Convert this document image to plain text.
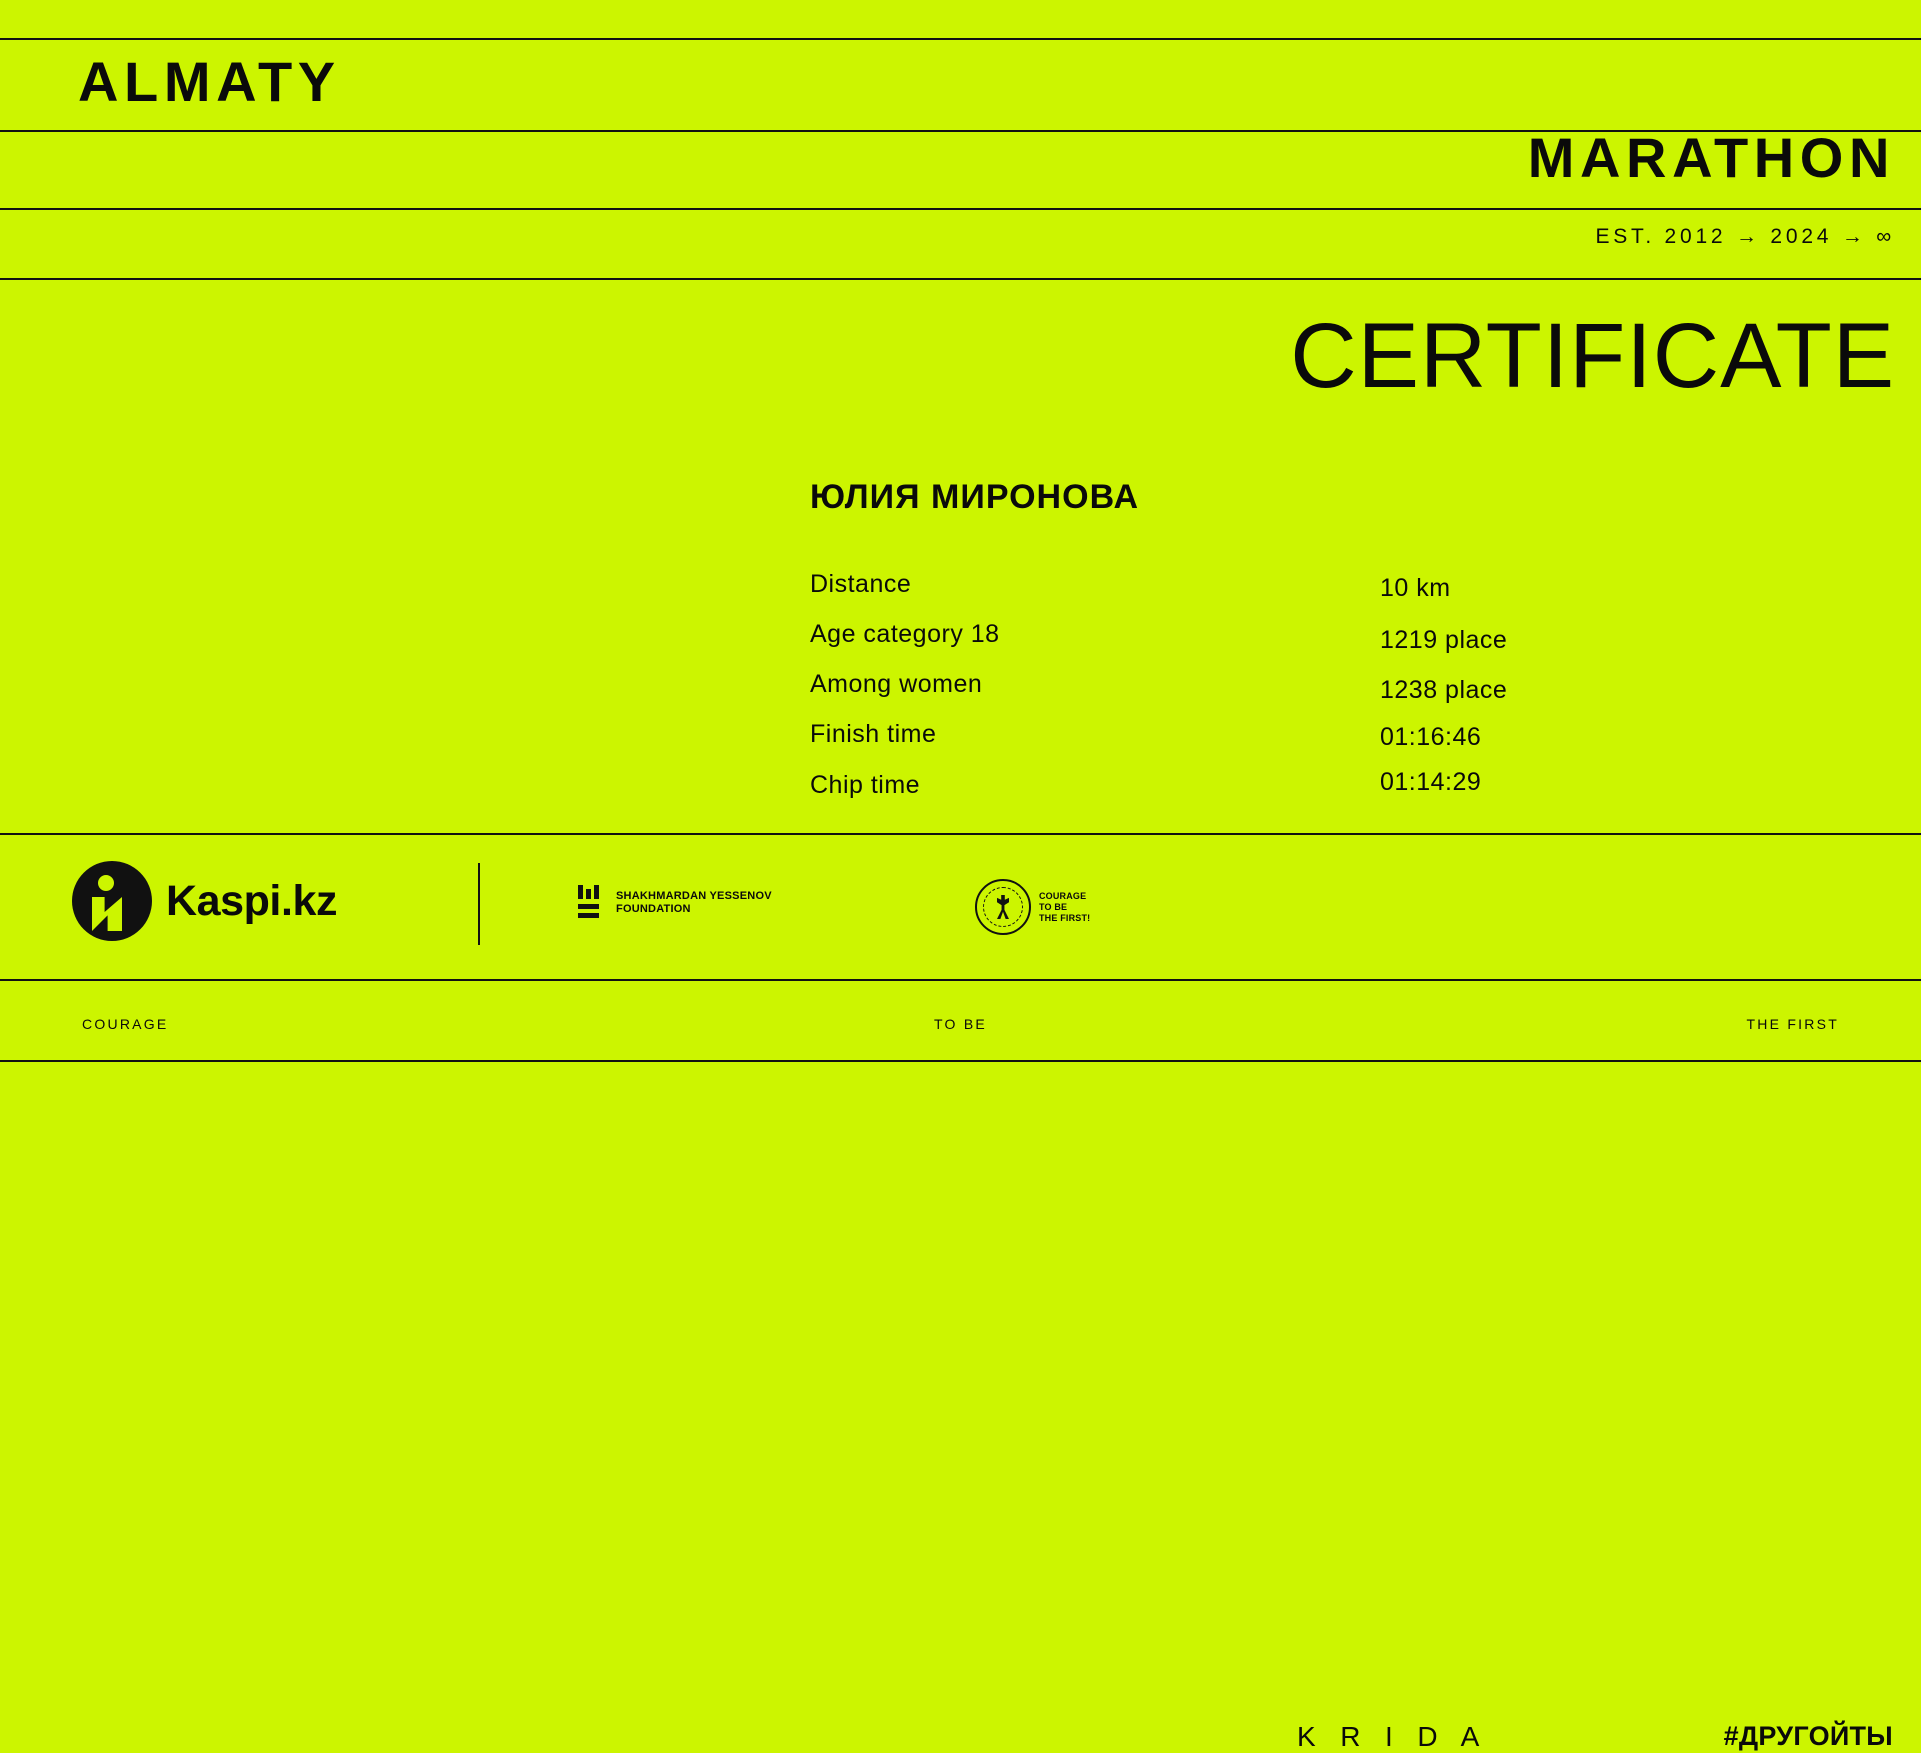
ALMATY
MARATHON
EST. 2012 → 2024 → ∞
CERTIFICATE
ЮЛИЯ МИРОНОВА
Distance	10 km
Age category 18	1219 place
Among women	1238 place
Finish time	01:16:46
Chip time	01:14:29
Kaspi.kz	SHAKHMARDAN YESSENOV
FOUNDATION
COURAGE
TO BE
THE FIRST!
K R I D A	#ДРУГОЙТЫ
COURAGE	TO BE	THE FIRST
